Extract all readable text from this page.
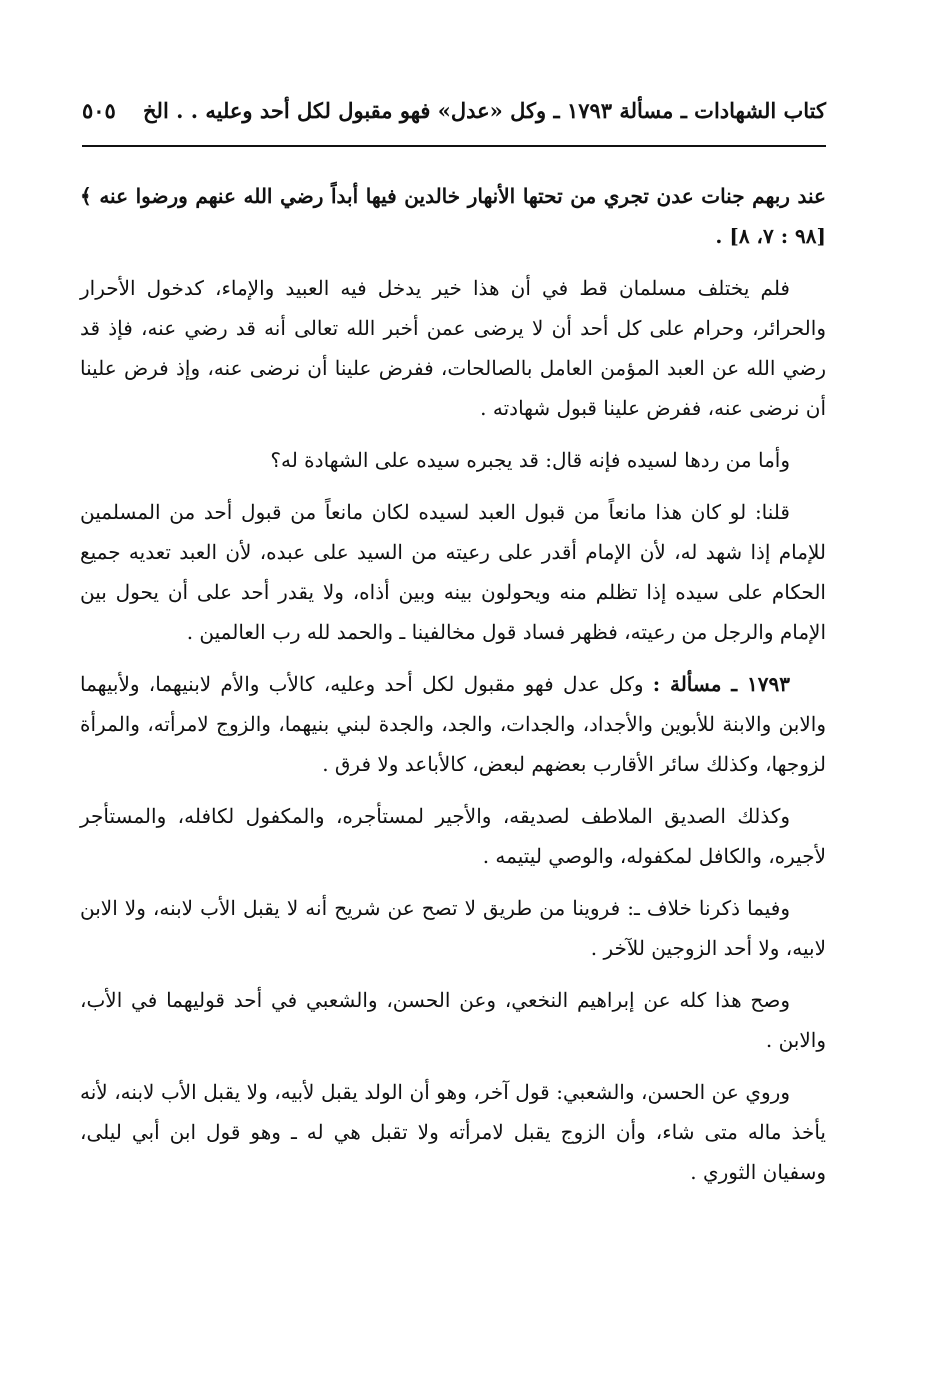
كتاب الشهادات ـ مسألة ١٧٩٣ ـ وكل «عدل» فهو مقبول لكل أحد وعليه . . الخ
٥٠٥

عند ربهم جنات عدن تجري من تحتها الأنهار خالدين فيها أبداً رضي الله عنهم ورضوا عنه ﴾ [٩٨ : ٧، ٨] .

فلم يختلف مسلمان قط في أن هذا خير يدخل فيه العبيد والإماء، كدخول الأحرار والحرائر، وحرام على كل أحد أن لا يرضى عمن أخبر الله تعالى أنه قد رضي عنه، فإذ قد رضي الله عن العبد المؤمن العامل بالصالحات، ففرض علينا أن نرضى عنه، وإذ فرض علينا أن نرضى عنه، ففرض علينا قبول شهادته .

وأما من ردها لسيده فإنه قال: قد يجبره سيده على الشهادة له؟

قلنا: لو كان هذا مانعاً من قبول العبد لسيده لكان مانعاً من قبول أحد من المسلمين للإمام إذا شهد له، لأن الإمام أقدر على رعيته من السيد على عبده، لأن العبد تعديه جميع الحكام على سيده إذا تظلم منه ويحولون بينه وبين أذاه، ولا يقدر أحد على أن يحول بين الإمام والرجل من رعيته، فظهر فساد قول مخالفينا ـ والحمد لله رب العالمين .

١٧٩٣ ـ مسألة : وكل عدل فهو مقبول لكل أحد وعليه، كالأب والأم لابنيهما، ولأبيهما والابن والابنة للأبوين والأجداد، والجدات، والجد، والجدة لبني بنيهما، والزوج لامرأته، والمرأة لزوجها، وكذلك سائر الأقارب بعضهم لبعض، كالأباعد ولا فرق .

وكذلك الصديق الملاطف لصديقه، والأجير لمستأجره، والمكفول لكافله، والمستأجر لأجيره، والكافل لمكفوله، والوصي ليتيمه .

وفيما ذكرنا خلاف ـ: فروينا من طريق لا تصح عن شريح أنه لا يقبل الأب لابنه، ولا الابن لابيه، ولا أحد الزوجين للآخر .

وصح هذا كله عن إبراهيم النخعي، وعن الحسن، والشعبي في أحد قوليهما في الأب، والابن .

وروي عن الحسن، والشعبي: قول آخر، وهو أن الولد يقبل لأبيه، ولا يقبل الأب لابنه، لأنه يأخذ ماله متى شاء، وأن الزوج يقبل لامرأته ولا تقبل هي له ـ وهو قول ابن أبي ليلى، وسفيان الثوري .
